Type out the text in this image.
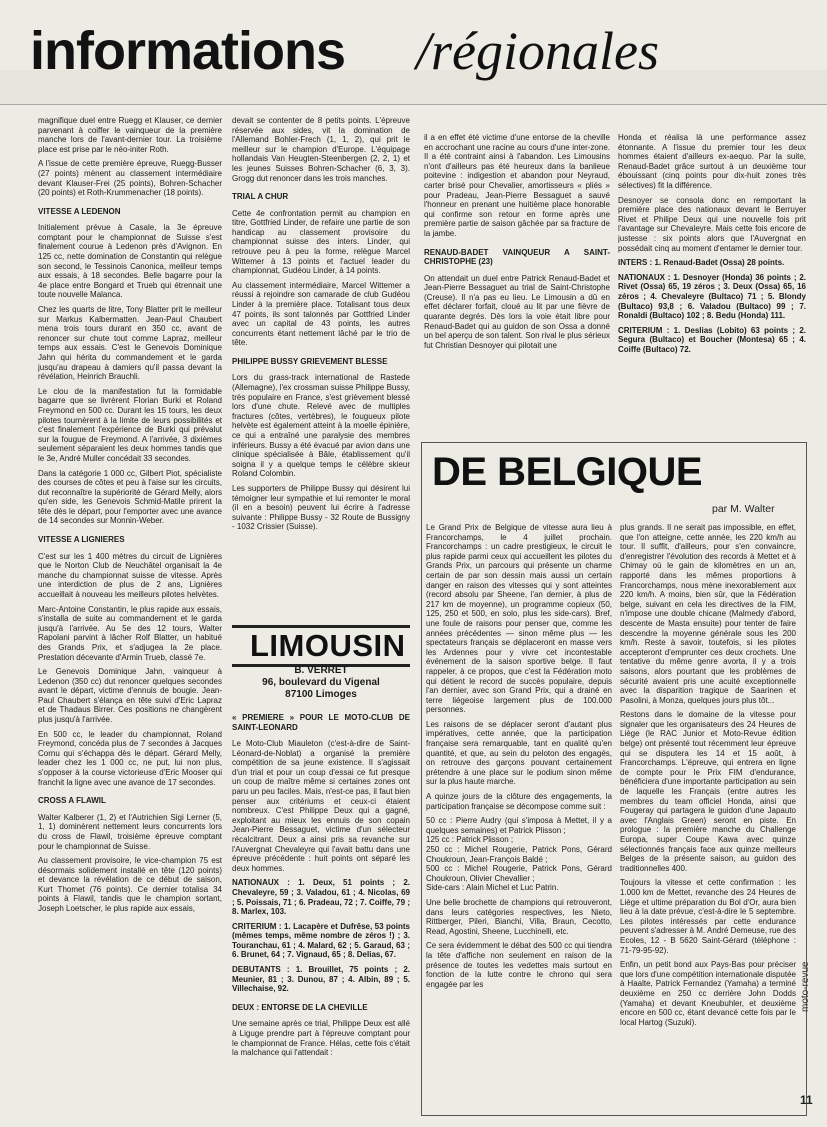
informations /régionales

magnifique duel entre Ruegg et Klauser, ce dernier parvenant à coiffer le vainqueur de la première manche lors de l'avant-dernier tour. La troisième place est prise par le néo-initer Roth.

A l'issue de cette première épreuve, Ruegg-Busser (27 points) mènent au classement intermédiaire devant Klauser-Frei (25 points), Bohren-Schacher (20 points) et Roth-Krummenacher (18 points).

VITESSE A LEDENON

Initialement prévue à Casale, la 3e épreuve comptant pour le championnat de Suisse s'est finalement courue à Ledenon près d'Avignon. En 125 cc, nette domination de Constantin qui relègue son second, le Tessinois Canonica, meilleur temps aux essais, à 18 secondes. Belle bagarre pour la 4e place entre Bongard et Trueb qui étrennait une toute nouvelle Malanca.

Chez les quarts de litre, Tony Blatter prit le meilleur sur Markus Kalbermatten. Jean-Paul Chaubert mena trois tours durant en 350 cc, avant de renoncer sur chute tout comme Lapraz, meilleur temps aux essais. C'est le Genevois Dominique Jahn qui hérita du commandement et le garda jusqu'au drapeau à damiers qu'il passa devant la révélation, Heinrich Brauchli.

Le clou de la manifestation fut la formidable bagarre que se livrèrent Florian Burki et Roland Freymond en 500 cc. Durant les 15 tours, les deux pilotes tournèrent à la limite de leurs possibilités et c'est finalement l'expérience de Burki qui prévalut sur la fougue de Freymond. A l'arrivée, 3 dixièmes seulement séparaient les deux hommes tandis que le 3e, André Muller concédait 33 secondes.

Dans la catégorie 1 000 cc, Gilbert Piot, spécialiste des courses de côtes et peu à l'aise sur les circuits, dut reconnaître la supériorité de Gérard Melly, alors qu'en side, les Genevois Schmid-Matile prirent la tête dès le départ, pour l'emporter avec une avance de 14 secondes sur Monnin-Weber.

VITESSE A LIGNIERES

C'est sur les 1 400 mètres du circuit de Lignières que le Norton Club de Neuchâtel organisait la 4e manche du championnat suisse de vitesse. Après une interdiction de plus de 2 ans, Lignières accueillait à nouveau les meilleurs pilotes helvètes.

Marc-Antoine Constantin, le plus rapide aux essais, s'installa de suite au commandement et le garda jusqu'à l'arrivée. Au 5e des 12 tours, Walter Rapolani parvint à lâcher Rolf Blatter, un habitué des Grands Prix, et s'adjugea la 2e place. Prestation décevante d'Armin Trueb, classé 7e.

Le Genevois Dominique Jahn, vainqueur à Ledenon (350 cc) dut renoncer quelques secondes avant le départ, victime d'ennuis de bougie. Jean-Paul Chaubert s'élança en tête suivi d'Eric Lapraz et de Thadaus Birrer. Ces positions ne changèrent plus jusqu'à l'arrivée.

En 500 cc, le leader du championnat, Roland Freymond, concéda plus de 7 secondes à Jacques Cornu qui s'échappa dès le départ. Gérard Melly, leader chez les 1 000 cc, ne put, lui non plus, s'opposer à la course victorieuse d'Eric Mooser qui franchit la ligne avec une avance de 17 secondes.

CROSS A FLAWIL

Walter Kalberer (1, 2) et l'Autrichien Sigi Lerner (5, 1, 1) dominèrent nettement leurs concurrents lors du cross de Flawil, troisième épreuve comptant pour le championnat de Suisse.

Au classement provisoire, le vice-champion 75 est désormais solidement installé en tête (120 points) et devance la révélation de ce début de saison, Kurt Thomet (76 points). Ce dernier totalisa 34 points à Flawil, tandis que le champion sortant, Joseph Loetscher, le plus rapide aux essais,

devait se contenter de 8 petits points. L'épreuve réservée aux sides, vit la domination de l'Allemand Bohler-Frech (1, 1, 2), qui prit le meilleur sur le champion d'Europe. L'équipage hollandais Van Heugten-Steenbergen (2, 2, 1) et les jeunes Suisses Bohren-Schacher (6, 3, 3). Grogg dut renoncer dans les trois manches.

TRIAL A CHUR

Cette 4e confrontation permit au champion en titre, Gottfried Linder, de refaire une partie de son handicap au classement provisoire du championnat suisse des inters. Linder, qui retrouve peu à peu la forme, relègue Marcel Wittemer à 13 points et l'actuel leader du championnat, Gudéou Linder, à 14 points.

Au classement intermédiaire, Marcel Wittemer a réussi à rejoindre son camarade de club Gudéou Linder à la première place. Totalisant tous deux 47 points, ils sont talonnés par Gottfried Linder avec un capital de 43 points, les autres concurrents étant nettement lâché par le trio de tête.

PHILIPPE BUSSY GRIEVEMENT BLESSE

Lors du grass-track international de Rastede (Allemagne), l'ex crossman suisse Philippe Bussy, très populaire en France, s'est grièvement blessé lors d'une chute. Relevé avec de multiples fractures (côtes, vertèbres), le fougueux pilote helvète est également atteint à la moelle épinière, ce qui a entraîné une paralysie des membres inférieurs. Bussy a été évacué par avion dans une clinique spécialisée à Bâle, établissement qu'il soigna il y a quelque temps le célèbre skieur Roland Colombin.

Les supporters de Philippe Bussy qui désirent lui témoigner leur sympathie et lui remonter le moral (il en a besoin) peuvent lui écrire à l'adresse suivante : Philippe Bussy - 32 Route de Bussigny - 1032 Crissier (Suisse).

LIMOUSIN
B. VERRET
96, boulevard du Vigenal
87100 Limoges
« PREMIERE » POUR LE MOTO-CLUB DE SAINT-LEONARD

Le Moto-Club Miauleton (c'est-à-dire de Saint-Léonard-de-Noblat) a organisé la première compétition de sa jeune existence. Il s'agissait d'un trial et pour un coup d'essai ce fut presque un coup de maître même si certaines zones ont paru un peu faciles. Mais, n'est-ce pas, il faut bien penser aux critériums et ceux-ci étaient nombreux. C'est Philippe Deux qui a gagné, exploitant au mieux les ennuis de son copain Jean-Pierre Bessaguet, victime d'un sélecteur récalcitrant. Deux a ainsi pris sa revanche sur l'Auvergnat Chevaleyre qui l'avait battu dans une épreuve précédente : huit points ont séparé les deux hommes.

NATIONAUX : 1. Deux, 51 points ; 2. Chevaleyre, 59 ; 3. Valadou, 61 ; 4. Nicolas, 69 ; 5. Poissais, 71 ; 6. Pradeau, 72 ; 7. Coiffe, 79 ; 8. Marlex, 103.

CRITERIUM : 1. Lacapère et Dufrêse, 53 points (mêmes temps, même nombre de zéros !) ; 3. Touranchau, 61 ; 4. Malard, 62 ; 5. Garaud, 63 ; 6. Brunet, 64 ; 7. Vignaud, 65 ; 8. Delias, 67.

DEBUTANTS : 1. Brouillet, 75 points ; 2. Meunier, 81 ; 3. Dunou, 87 ; 4. Albin, 89 ; 5. Villechaise, 92.

DEUX : ENTORSE DE LA CHEVILLE

Une semaine après ce trial, Philippe Deux est allé à Liguge prendre part à l'épreuve comptant pour le championnat de France. Hélas, cette fois c'était la malchance qui l'attendait :

il a en effet été victime d'une entorse de la cheville en accrochant une racine au cours d'une inter-zone. Il a été contraint ainsi à l'abandon. Les Limousins n'ont d'ailleurs pas été heureux dans la banlieue poitevine : indigestion et abandon pour Neyraud, carter brisé pour Chevalier, amortisseurs « pliés » pour Pradeau, Jean-Pierre Bessaguet a sauvé l'honneur en prenant une huitième place honorable qui confirme son retour en forme après une première partie de saison gâchée par sa fracture de la jambe.

RENAUD-BADET VAINQUEUR A SAINT-CHRISTOPHE (23)

On attendait un duel entre Patrick Renaud-Badet et Jean-Pierre Bessaguet au trial de Saint-Christophe (Creuse). Il n'a pas eu lieu. Le Limousin a dû en effet déclarer forfait, cloué au lit par une fièvre de quarante degrés. Dès lors la voie était libre pour Renaud-Badet qui au guidon de son Ossa a donné un bel aperçu de son talent. Son rival le plus sérieux fut Christian Desnoyer qui pilotait une

Honda et réalisa là une performance assez étonnante. A l'issue du premier tour les deux hommes étaient d'ailleurs ex-aequo. Par la suite, Renaud-Badet grâce surtout à un deuxième tour ébouissant (cinq points pour dix-huit zones très sélectives) fit la différence.

Desnoyer se consola donc en remportant la première place des nationaux devant le Berruyer Rivet et Philipe Deux qui une nouvelle fois prit l'avantage sur Chevaleyre. Mais cette fois encore de justesse : six points alors que l'Auvergnat en possédait cinq au moment d'entamer le dernier tour.

INTERS : 1. Renaud-Badet (Ossa) 28 points.

NATIONAUX : 1. Desnoyer (Honda) 36 points ; 2. Rivet (Ossa) 65, 19 zéros ; 3. Deux (Ossa) 65, 16 zéros ; 4. Chevaleyre (Bultaco) 71 ; 5. Blondy (Bultaco) 93,8 ; 6. Valadou (Bultaco) 99 ; 7. Ronaldi (Bultaco) 102 ; 8. Bedu (Honda) 111.

CRITERIUM : 1. Deslias (Lobito) 63 points ; 2. Segura (Bultaco) et Boucher (Montesa) 65 ; 4. Coiffe (Bultaco) 72.

DE BELGIQUE
par M. Walter

Le Grand Prix de Belgique de vitesse aura lieu à Francorchamps, le 4 juillet prochain. Francorchamps : un cadre prestigieux, le circuit le plus rapide parmi ceux qui accueillent les pilotes du Grands Prix, un parcours qui présente un charme certain de par son dessin mais aussi un certain danger en raison des vitesses qui y sont atteintes (record absolu par Sheene, l'an dernier, à plus de 217 km de moyenne), un programme copieux (50, 125, 250 et 500, en solo, plus les side-cars). Bref, une foule de raisons pour penser que, comme les années précédentes — sinon même plus — les spectateurs français se déplaceront en masse vers les Ardennes pour y vivre cet incontestable événement de la saison sportive belge. Il faut rappeler, à ce propos, que c'est la Fédération moto qui détient le record de succès populaire, depuis l'an dernier, avec son Grand Prix, qui a drainé en terre liégeoise largement plus de 100.000 personnes.

Les raisons de se déplacer seront d'autant plus impératives, cette année, que la participation française sera remarquable, tant en qualité qu'en quantité, et que, au sein du peloton des engagés, on retrouve des garçons pouvant certainement prétendre à une place sur le podium sinon même sur la plus haute marche.

A quinze jours de la clôture des engagements, la participation française se décompose comme suit :

50 cc : Pierre Audry (qui s'imposa à Mettet, il y a quelques semaines) et Patrick Plisson ;

125 cc : Patrick Plisson ;

250 cc : Michel Rougerie, Patrick Pons, Gérard Choukroun, Jean-François Baldé ;

500 cc : Michel Rougerie, Patrick Pons, Gérard Choukroun, Olivier Chevallier ;

Side-cars : Alain Michel et Luc Patrin.

Une belle brochette de champions qui retrouveront, dans leurs catégories respectives, les Nieto, Rittberger, Pileri, Bianchi, Villa, Braun, Cecotto, Read, Agostini, Sheene, Lucchinelli, etc.

Ce sera évidemment le débat des 500 cc qui tiendra la tête d'affiche non seulement en raison de la présence de toutes les vedettes mais surtout en fonction de la lutte contre le chrono qui sera engagée par les

plus grands. Il ne serait pas impossible, en effet, que l'on atteigne, cette année, les 220 km/h au tour. Il suffit, d'ailleurs, pour s'en convaincre, d'enregistrer l'évolution des records à Mettet et à Chimay où le gain de kilomètres en un an, rapporté dans les mêmes proportions à Francorchamps, nous mène inexorablement aux 220 km/h. A moins, bien sûr, que la Fédération belge, suivant en cela les directives de la FIM, n'impose une double chicane (Malmedy d'abord, descente de Masta ensuite) pour tenter de faire descendre la moyenne générale sous les 200 km/h. Reste à savoir, toutefois, si les pilotes accepteront d'emprunter ces deux crochets. Une tentative du même genre avorta, il y a trois saisons, alors pourtant que les problèmes de sécurité avaient pris une acuité exceptionnelle avec la disparition tragique de Saarinen et Pasolini, à Monza, quelques jours plus tôt...

Restons dans le domaine de la vitesse pour signaler que les organisateurs des 24 Heures de Liège (le RAC Junior et Moto-Revue édition belge) ont présenté tout récemment leur épreuve qui se disputera les 14 et 15 août, à Francorchamps. L'épreuve, qui entrera en ligne de compte pour le Prix FIM d'endurance, bénéficiera d'une importante participation au sein de laquelle les Français (entre autres les membres du team officiel Honda, ainsi que Fougeray qui partagera le guidon d'une Japauto avec l'Anglais Green) seront en piste. En prologue : la première manche du Challenge Europa, super Coupe Kawa avec quinze sélectionnés français face aux quinze meilleurs Belges de la présente saison, au guidon des traditionnelles 400.

Toujours la vitesse et cette confirmation : les 1.000 km de Mettet, revanche des 24 Heures de Liège et ultime préparation du Bol d'Or, aura bien lieu à la date prévue, c'est-à-dire le 5 septembre. Les pilotes intéressés par cette endurance peuvent s'adresser à M. André Demeuse, rue des Ecoles, 12 - B 5620 Saint-Gérard (téléphone : 71-79-95-92).

Enfin, un petit bond aux Pays-Bas pour préciser que lors d'une compétition internationale disputée à Haalte, Patrick Fernandez (Yamaha) a terminé deuxième en 250 cc derrière John Dodds (Yamaha) et devant Kneubuhler, et deuxième encore en 500 cc, étant devancé cette fois par le local Hartog (Suzuki).

moto-revue
11
